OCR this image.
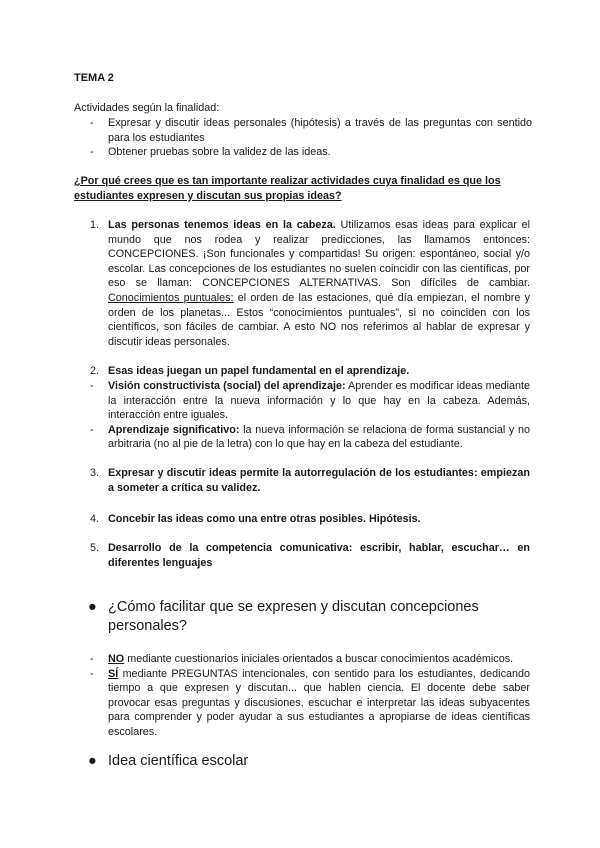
TEMA 2
Actividades según la finalidad:
- Expresar y discutir ideas personales (hipótesis) a través de las preguntas con sentido para los estudiantes
- Obtener pruebas sobre la validez de las ideas.
¿Por qué crees que es tan importante realizar actividades cuya finalidad es que los estudiantes expresen y discutan sus propias ideas?
1. Las personas tenemos ideas en la cabeza. Utilizamos esas ideas para explicar el mundo que nos rodea y realizar predicciones, las llamamos entonces: CONCEPCIONES. ¡Son funcionales y compartidas! Su origen: espontáneo, social y/o escolar. Las concepciones de los estudiantes no suelen coincidir con las científicas, por eso se llaman: CONCEPCIONES ALTERNATIVAS. Son difíciles de cambiar. Conocimientos puntuales: el orden de las estaciones, qué día empiezan, el nombre y orden de los planetas... Estos “conocimientos puntuales”, si no coinciden con los científicos, son fáciles de cambiar. A esto NO nos referimos al hablar de expresar y discutir ideas personales.
2. Esas ideas juegan un papel fundamental en el aprendizaje.
- Visión constructivista (social) del aprendizaje: Aprender es modificar ideas mediante la interacción entre la nueva información y lo que hay en la cabeza. Además, interacción entre iguales.
- Aprendizaje significativo: la nueva información se relaciona de forma sustancial y no arbitraria (no al pie de la letra) con lo que hay en la cabeza del estudiante.
3. Expresar y discutir ideas permite la autorregulación de los estudiantes: empiezan a someter a crítica su validez.
4. Concebir las ideas como una entre otras posibles. Hipótesis.
5. Desarrollo de la competencia comunicativa: escribir, hablar, escuchar… en diferentes lenguajes
● ¿Cómo facilitar que se expresen y discutan concepciones personales?
- NO mediante cuestionarios iniciales orientados a buscar conocimientos académicos.
- SÍ mediante PREGUNTAS intencionales, con sentido para los estudiantes, dedicando tiempo a que expresen y discutan... que hablen ciencia. El docente debe saber provocar esas preguntas y discusiones, escuchar e interpretar las ideas subyacentes para comprender y poder ayudar a sus estudiantes a apropiarse de ideas científicas escolares.
● Idea científica escolar
